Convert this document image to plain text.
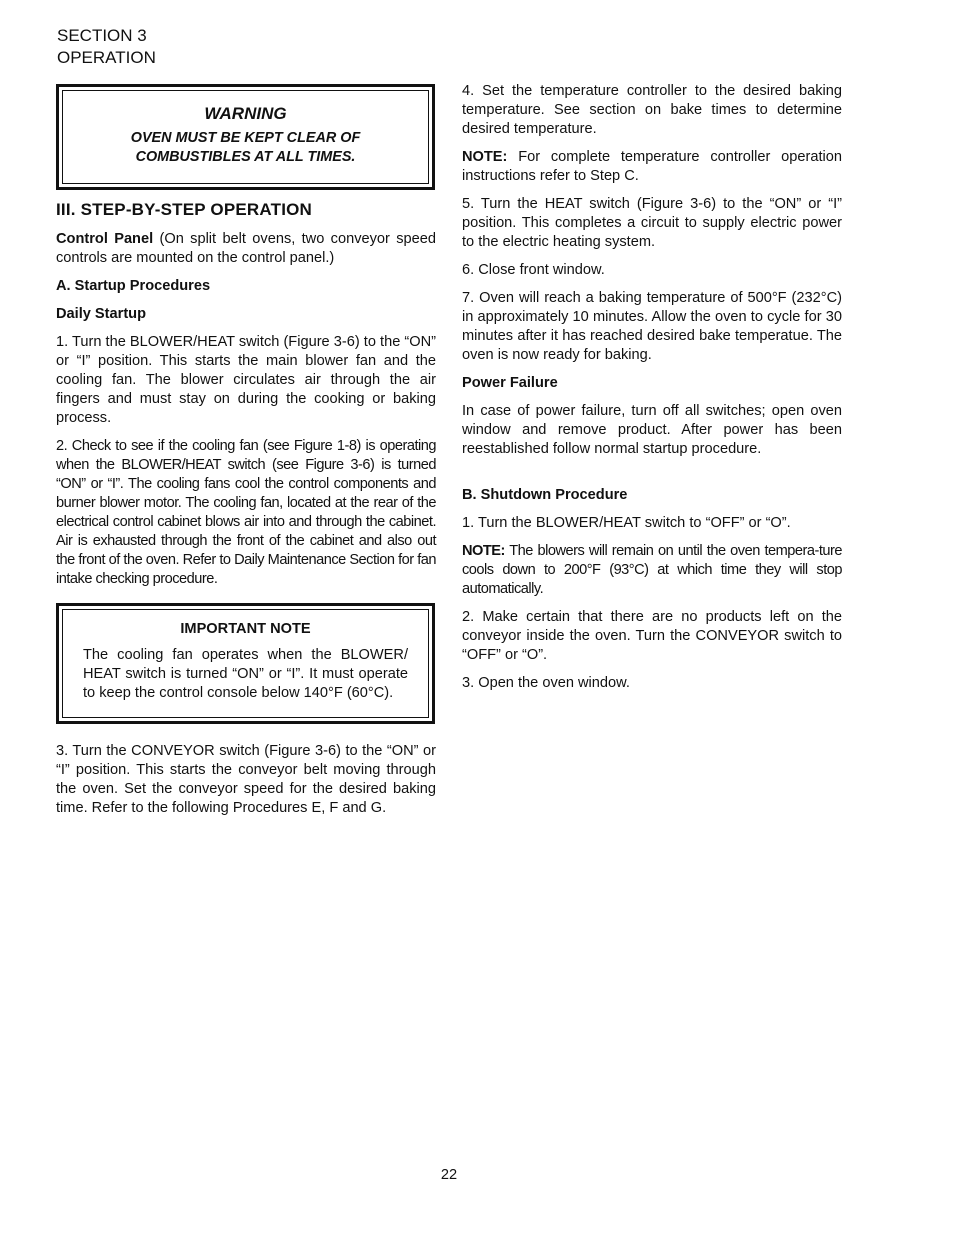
SECTION 3
OPERATION
WARNING
OVEN MUST BE KEPT CLEAR OF
COMBUSTIBLES AT ALL TIMES.
III. STEP-BY-STEP OPERATION

Control Panel (On split belt ovens, two conveyor speed controls are mounted on the control panel.)

A. Startup Procedures
Daily Startup

1. Turn the BLOWER/HEAT switch (Figure 3-6) to the “ON” or “I” position. This starts the main blower fan and the cooling fan. The blower circulates air through the air fingers and must stay on during the cooking or baking process.

2. Check to see if the cooling fan (see Figure 1-8) is operating when the BLOWER/HEAT switch (see Figure 3-6) is turned “ON” or “I”. The cooling fans cool the control components and burner blower motor. The cooling fan, located at the rear of the electrical control cabinet blows air into and through the cabinet. Air is exhausted through the front of the cabinet and also out the front of the oven. Refer to Daily Maintenance Section for fan intake checking procedure.

IMPORTANT NOTE
The cooling fan operates when the BLOWER/ HEAT switch is turned “ON” or “I”. It must operate to keep the control console below 140°F (60°C).

3. Turn the CONVEYOR switch (Figure 3-6) to the “ON” or “I” position. This starts the conveyor belt moving through the oven. Set the conveyor speed for the desired baking time. Refer to the following Procedures E, F and G.

4. Set the temperature controller to the desired baking temperature. See section on bake times to determine desired temperature.

NOTE: For complete temperature controller operation instructions refer to Step C.

5. Turn the HEAT switch (Figure 3-6) to the “ON” or “I” position. This completes a circuit to supply electric power to the electric heating system.

6. Close front window.

7. Oven will reach a baking temperature of 500°F (232°C) in approximately 10 minutes. Allow the oven to cycle for 30 minutes after it has reached desired bake temperatue. The oven is now ready for baking.

Power Failure

In case of power failure, turn off all switches; open oven window and remove product. After power has been reestablished follow normal startup procedure.

B. Shutdown Procedure

1. Turn the BLOWER/HEAT switch to “OFF” or “O”.

NOTE: The blowers will remain on until the oven tempera-ture cools down to 200°F (93°C) at which time they will stop automatically.

2. Make certain that there are no products left on the conveyor inside the oven. Turn the CONVEYOR switch to “OFF” or “O”.

3. Open the oven window.

22
